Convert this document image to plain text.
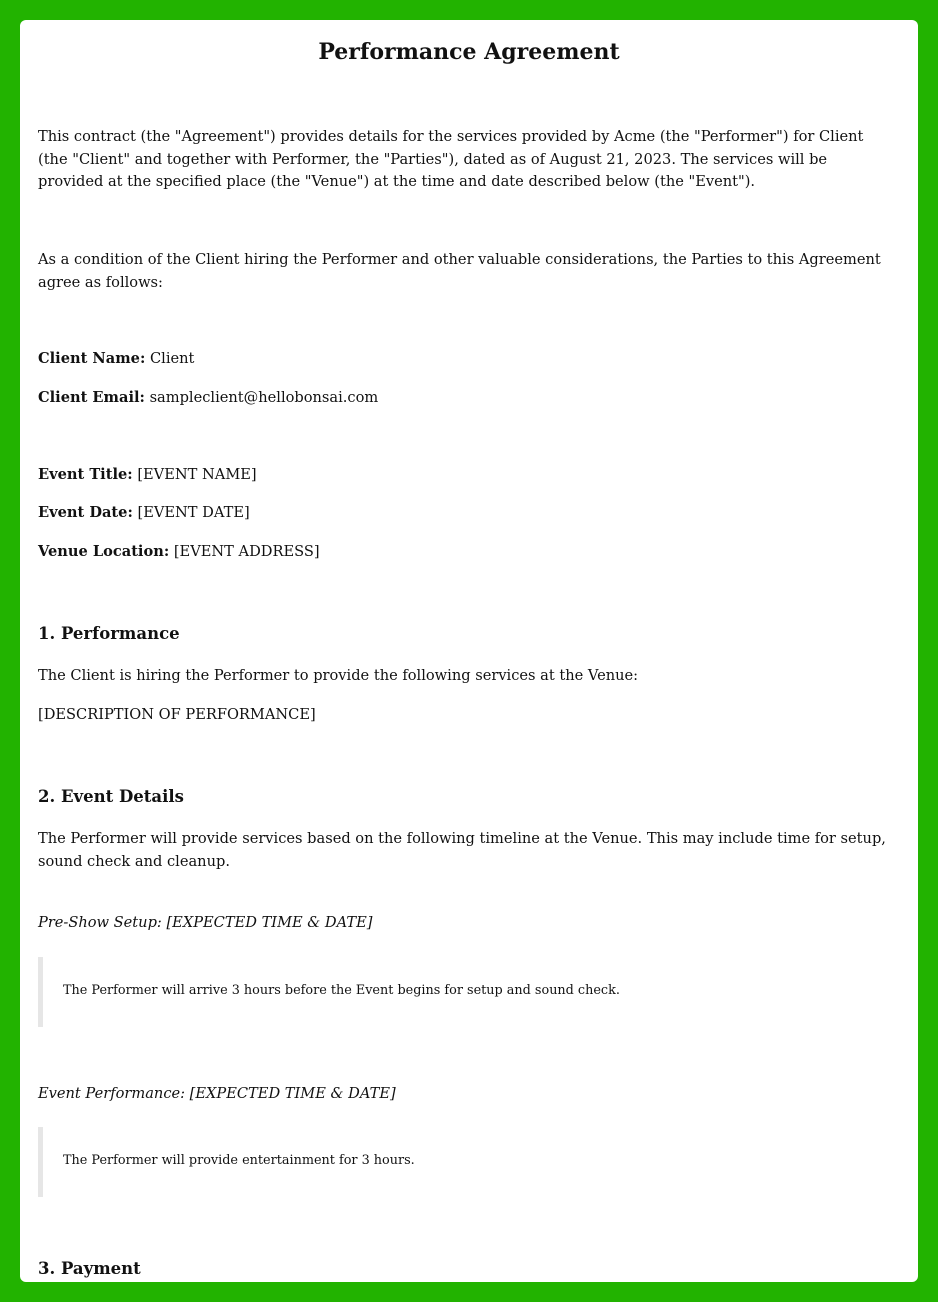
Performance Agreement

This contract (the "Agreement") provides details for the services provided by Acme (the "Performer") for Client (the "Client" and together with Performer, the "Parties"), dated as of August 21, 2023. The services will be provided at the specified place (the "Venue") at the time and date described below (the "Event").

As a condition of the Client hiring the Performer and other valuable considerations, the Parties to this Agreement agree as follows:

Client Name: Client

Client Email: sampleclient@hellobonsai.com

Event Title: [EVENT NAME]

Event Date: [EVENT DATE]

Venue Location: [EVENT ADDRESS]

1. Performance

The Client is hiring the Performer to provide the following services at the Venue:

[DESCRIPTION OF PERFORMANCE]

2. Event Details

The Performer will provide services based on the following timeline at the Venue. This may include time for setup, sound check and cleanup.

Pre-Show Setup: [EXPECTED TIME & DATE]

The Performer will arrive 3 hours before the Event begins for setup and sound check.

Event Performance: [EXPECTED TIME & DATE]

The Performer will provide entertainment for 3 hours.

3. Payment
